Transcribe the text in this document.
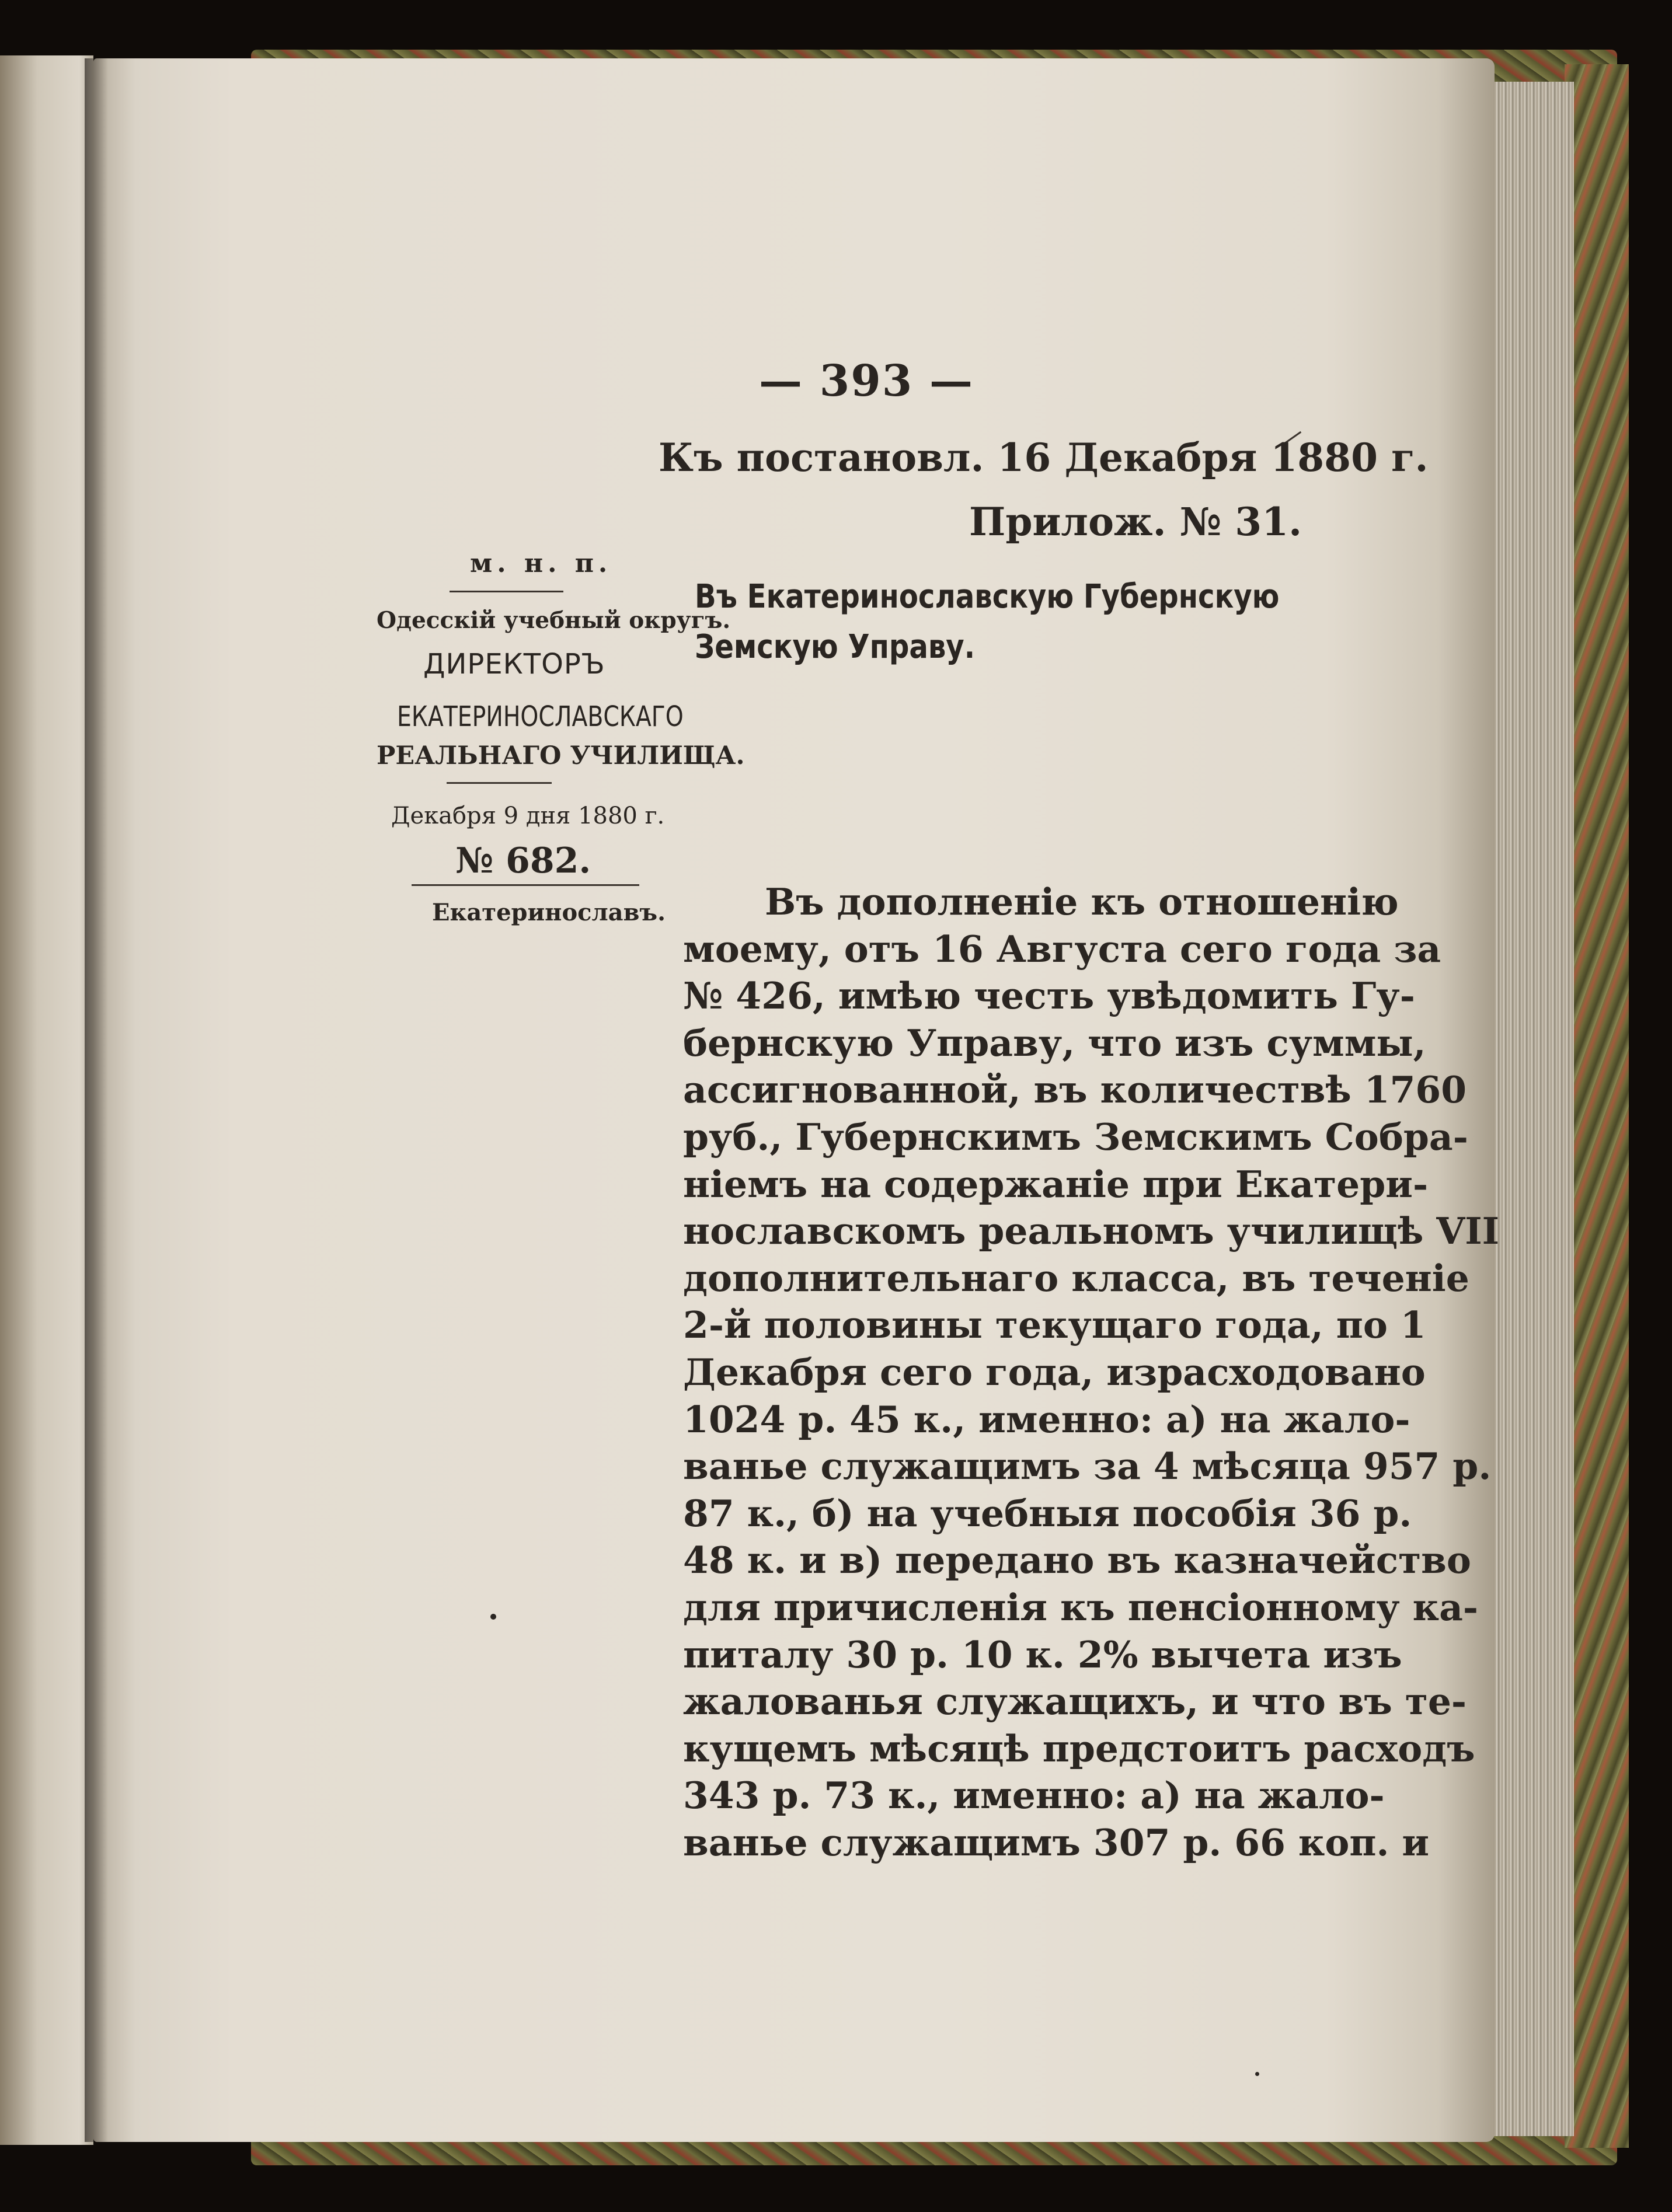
— 393 —
Къ постановл. 16 Декабря 1880 г.
Прилож. № 31.
м. н. п.
Одесскій учебный округъ.
ДИРЕКТОРЪ
ЕКАТЕРИНОСЛАВСКАГО
РЕАЛЬНАГО УЧИЛИЩА.
Декабря 9 дня 1880 г.
№ 682.
Екатеринославъ.
Въ Екатеринославскую Губернскую
Земскую Управу.
Въ дополненіе къ отношенію
моему, отъ 16 Августа сего года за
№ 426, имѣю честь увѣдомить Гу-
бернскую Управу, что изъ суммы,
ассигнованной, въ количествѣ 1760
руб., Губернскимъ Земскимъ Собра-
ніемъ на содержаніе при Екатери-
нославскомъ реальномъ училищѣ VII
дополнительнаго класса, въ теченіе
2-й половины текущаго года, по 1
Декабря сего года, израсходовано
1024 р. 45 к., именно: а) на жало-
ванье служащимъ за 4 мѣсяца 957 р.
87 к., б) на учебныя пособія 36 р.
48 к. и в) передано въ казначейство
для причисленія къ пенсіонному ка-
питалу 30 р. 10 к. 2% вычета изъ
жалованья служащихъ, и что въ те-
кущемъ мѣсяцѣ предстоитъ расходъ
343 р. 73 к., именно: а) на жало-
ванье служащимъ 307 р. 66 коп. и
